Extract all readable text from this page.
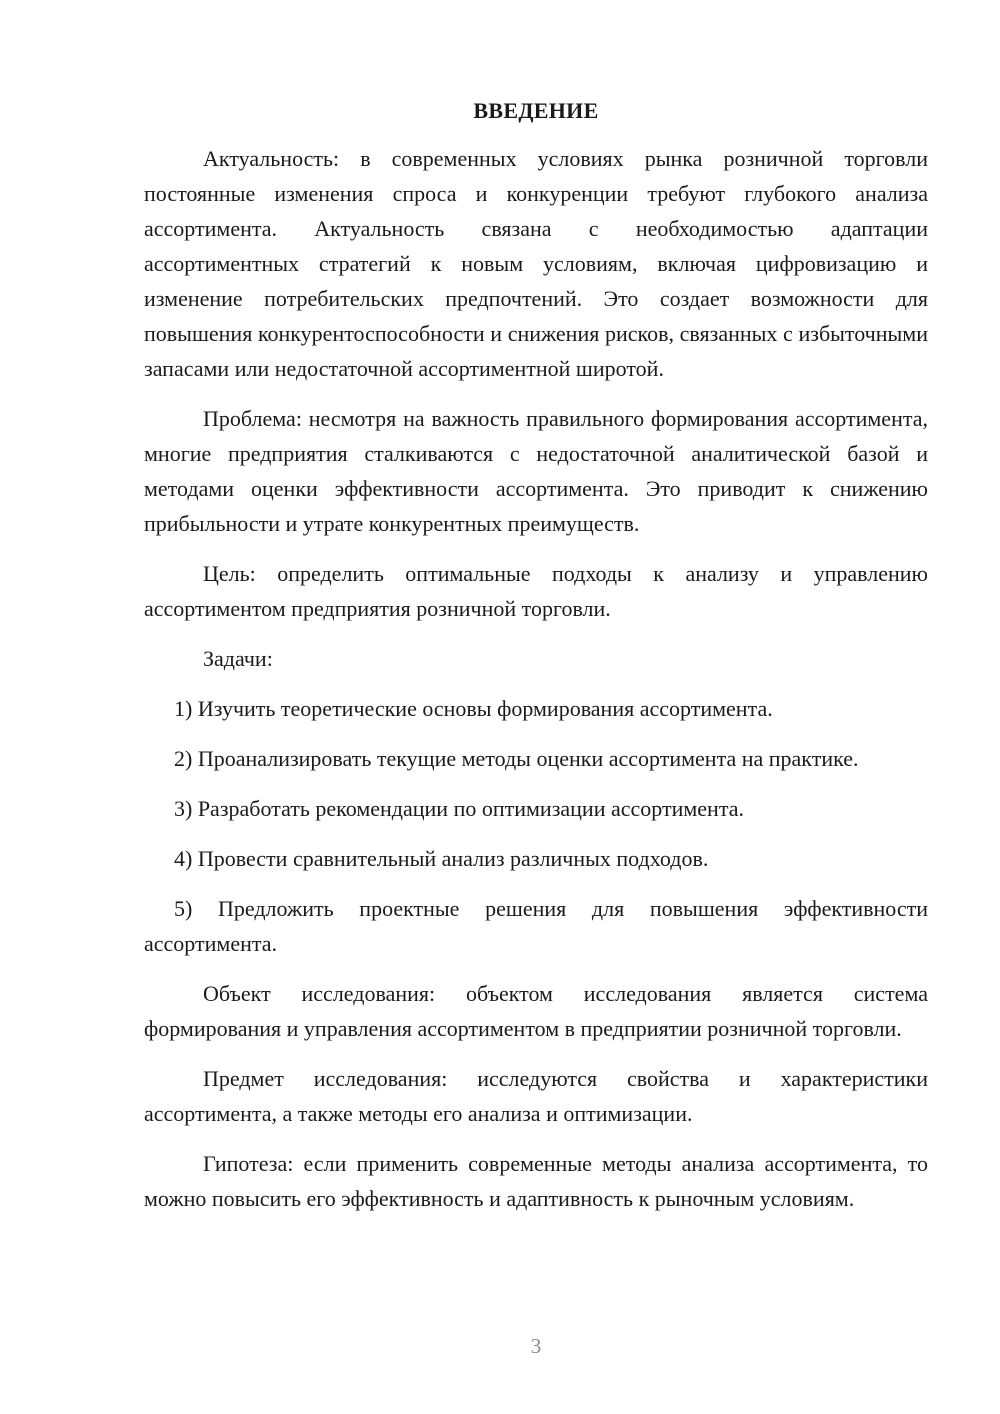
ВВЕДЕНИЕ

Актуальность: в современных условиях рынка розничной торговли постоянные изменения спроса и конкуренции требуют глубокого анализа ассортимента. Актуальность связана с необходимостью адаптации ассортиментных стратегий к новым условиям, включая цифровизацию и изменение потребительских предпочтений. Это создает возможности для повышения конкурентоспособности и снижения рисков, связанных с избыточными запасами или недостаточной ассортиментной широтой.

Проблема: несмотря на важность правильного формирования ассортимента, многие предприятия сталкиваются с недостаточной аналитической базой и методами оценки эффективности ассортимента. Это приводит к снижению прибыльности и утрате конкурентных преимуществ.

Цель: определить оптимальные подходы к анализу и управлению ассортиментом предприятия розничной торговли.

Задачи:

1) Изучить теоретические основы формирования ассортимента.

2) Проанализировать текущие методы оценки ассортимента на практике.

3) Разработать рекомендации по оптимизации ассортимента.

4) Провести сравнительный анализ различных подходов.

5) Предложить проектные решения для повышения эффективности ассортимента.

Объект исследования: объектом исследования является система формирования и управления ассортиментом в предприятии розничной торговли.

Предмет исследования: исследуются свойства и характеристики ассортимента, а также методы его анализа и оптимизации.

Гипотеза: если применить современные методы анализа ассортимента, то можно повысить его эффективность и адаптивность к рыночным условиям.

3
